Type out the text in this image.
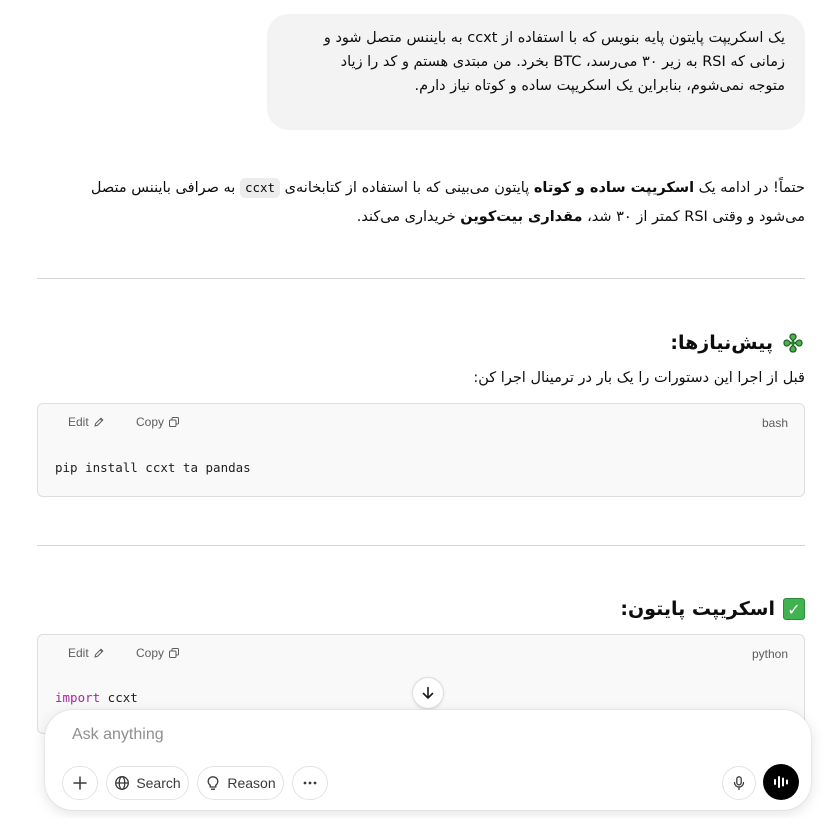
یک اسکریپت پایتون پایه بنویس که با استفاده از ccxt به بایننس متصل شود و
زمانی که RSI به زیر ۳۰ می‌رسد، BTC بخرد. من مبتدی هستم و کد را زیاد
متوجه نمی‌شوم، بنابراین یک اسکریپت ساده و کوتاه نیاز دارم.
حتماً! در ادامه یک اسکریپت ساده و کوتاه پایتون می‌بینی که با استفاده از کتابخانه‌ی ccxt به صرافی بایننس متصل
می‌شود و وقتی RSI کمتر از ۳۰ شد، مقداری بیت‌کوین خریداری می‌کند.
پیش‌نیازها:
قبل از اجرا این دستورات را یک بار در ترمینال اجرا کن:
Edit	Copy	bash
pip install ccxt ta pandas
✓
اسکریپت پایتون:
Edit	Copy	python
import ccxt
Ask anything
Search	Reason
